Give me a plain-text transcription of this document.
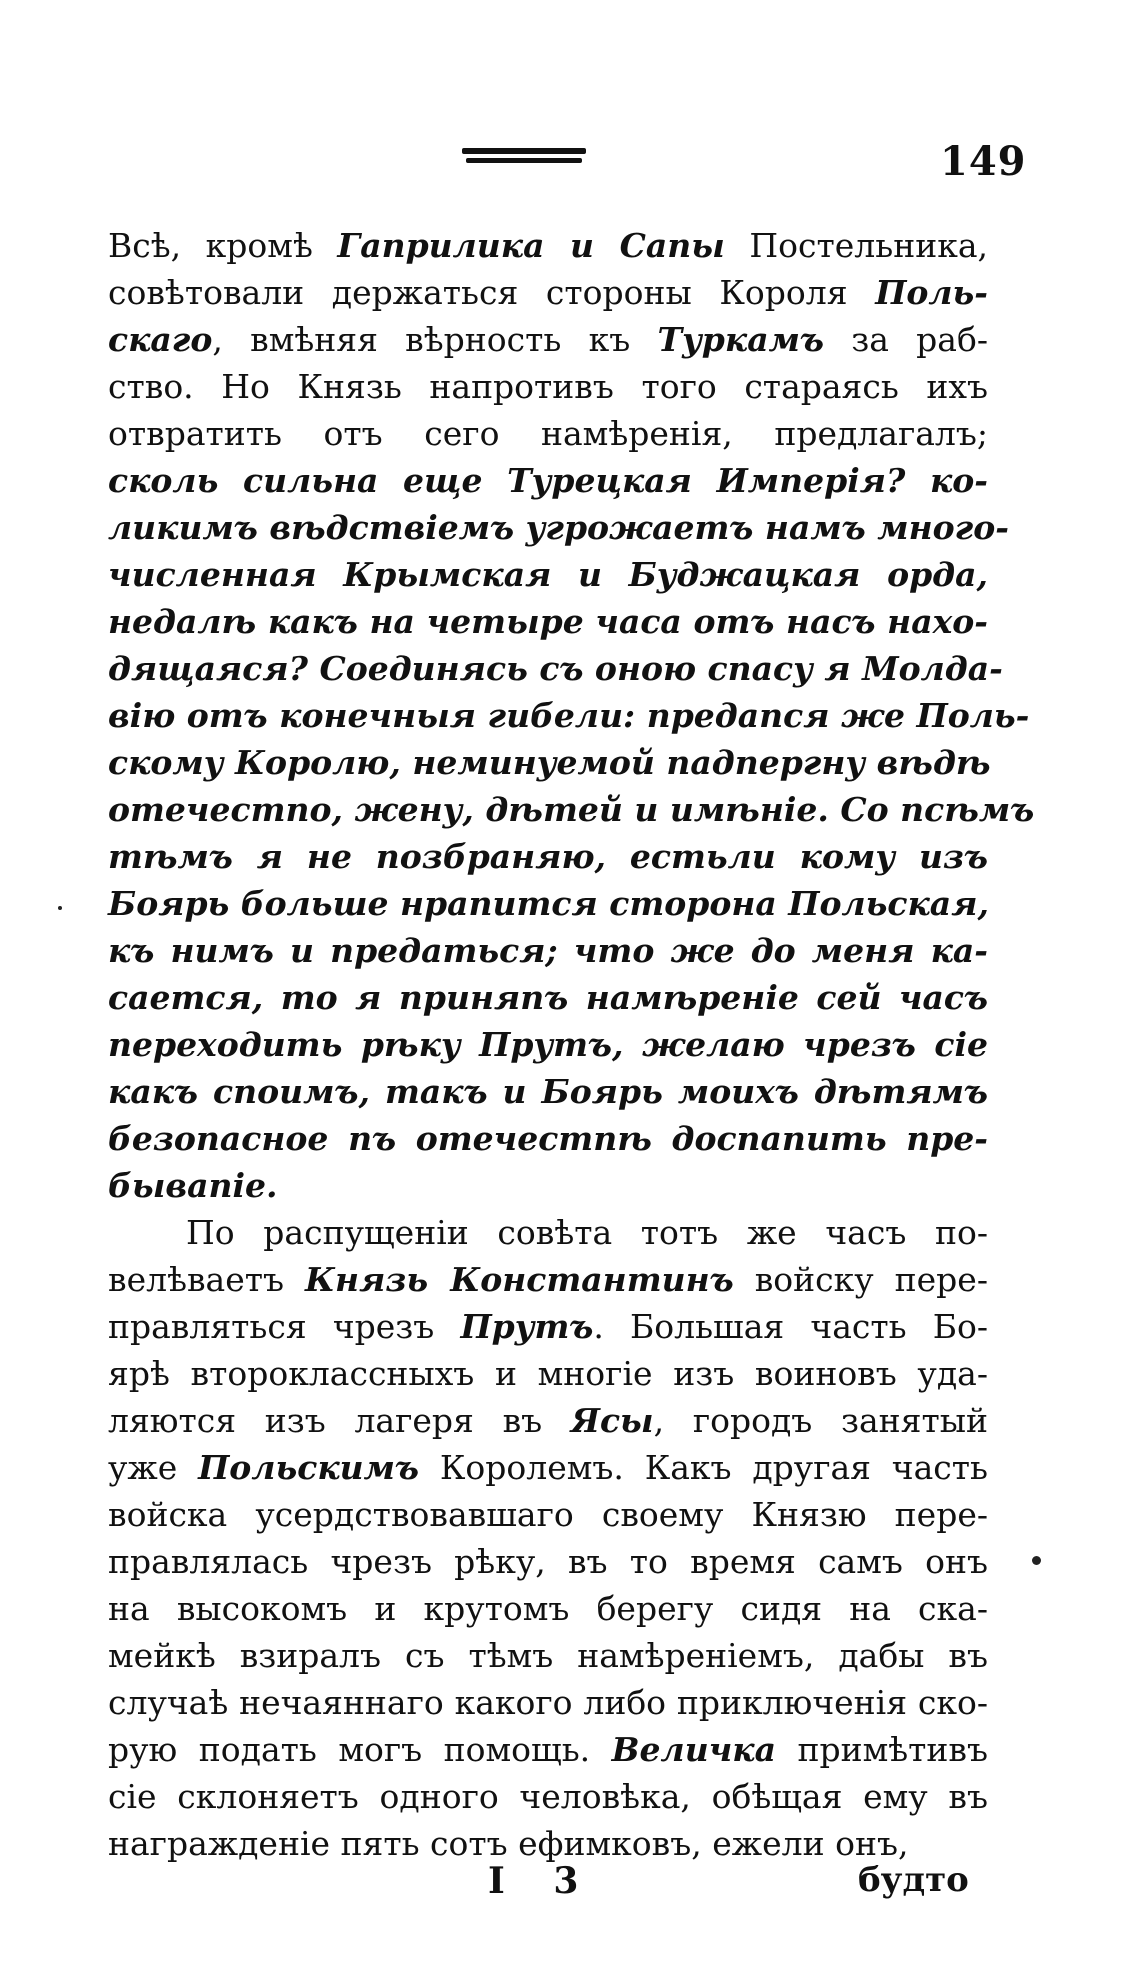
149
Всѣ, кромѣ Гаприлика и Сапы Постельника,
совѣтовали держаться стороны Короля Поль-
скаго, вмѣняя вѣрность къ Туркамъ за раб-
ство. Но Князь напротивъ того стараясь ихъ
отвратить отъ сего намѣренія, предлагалъ;
сколь сильна еще Турецкая Имперія? ко-
ликимъ вѣдствіемъ угрожаетъ намъ много-
численная Крымская и Буджацкая орда,
недалѣ какъ на четыре часа отъ насъ нахо-
дящаяся? Соединясь съ оною спасу я Молда-
вію отъ конечныя гибели: предапся же Поль-
скому Королю, неминуемой падпергну вѣдѣ
отечестпо, жену, дѣтей и имѣніе. Со псѣмъ
тѣмъ я не позбраняю, естьли кому изъ
Боярь больше нрапится сторона Польская,
къ нимъ и предаться; что же до меня ка-
сается, то я приняпъ намѣреніе сей часъ
переходить рѣку Прутъ, желаю чрезъ сіе
какъ споимъ, такъ и Боярь моихъ дѣтямъ
безопасное пъ отечестпѣ доспапить пре-
бывапіе.
По распущеніи совѣта тотъ же часъ по-
велѣваетъ Князь Константинъ войску пере-
правляться чрезъ Прутъ. Большая часть Бо-
ярѣ второклассныхъ и многіе изъ воиновъ уда-
ляются изъ лагеря въ Ясы, городъ занятый
уже Польскимъ Королемъ. Какъ другая часть
войска усердствовавшаго своему Князю пере-
правлялась чрезъ рѣку, въ то время самъ онъ
на высокомъ и крутомъ берегу сидя на ска-
мейкѣ взиралъ съ тѣмъ намѣреніемъ, дабы въ
случаѣ нечаяннаго какого либо приключенія ско-
рую подать могъ помощь. Величка примѣтивъ
сіе склоняетъ одного человѣка, обѣщая ему въ
награжденіе пять сотъ ефимковъ, ежели онъ,
I 3	будто
